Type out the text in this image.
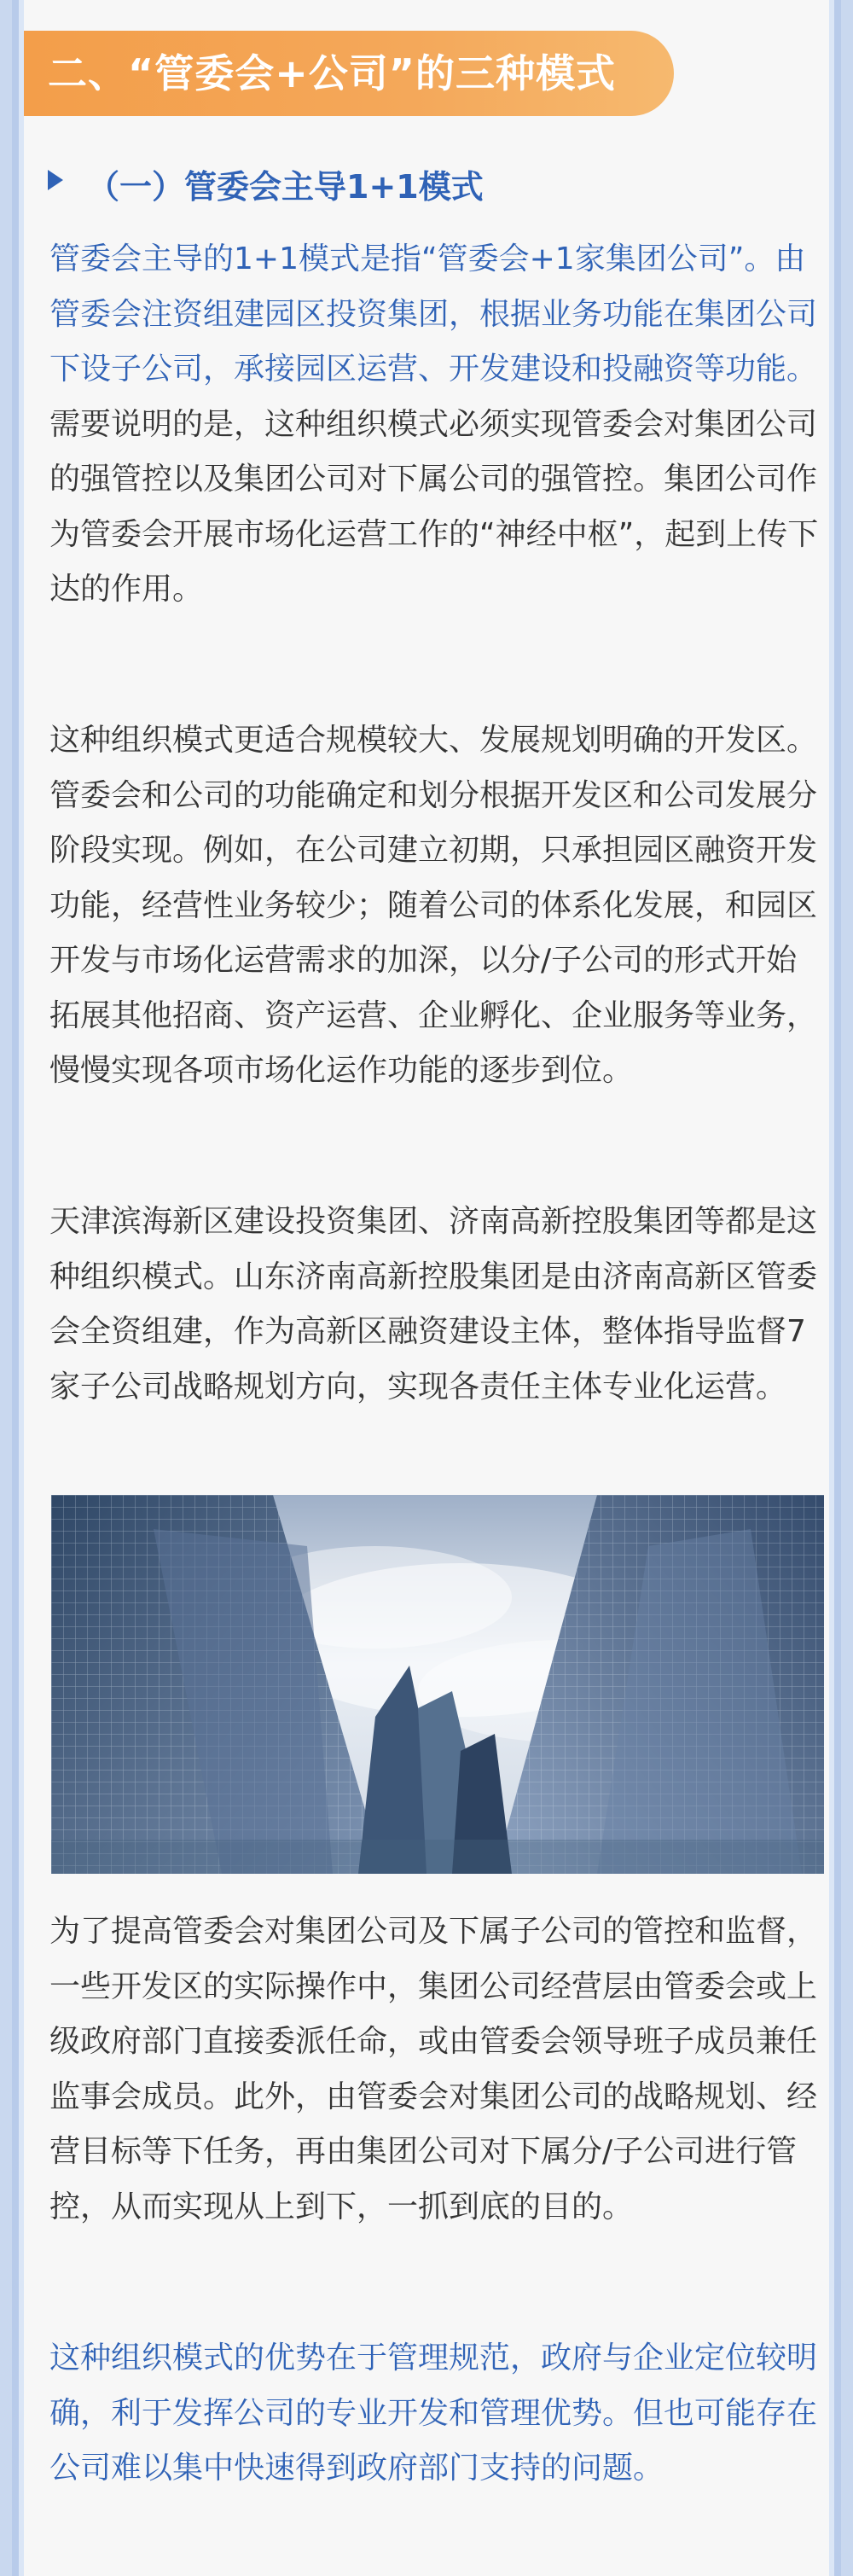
二、“管委会+公司”的三种模式
（一）管委会主导1+1模式

管委会主导的1+1模式是指“管委会+1家集团公司”。由管委会注资组建园区投资集团，根据业务功能在集团公司下设子公司，承接园区运营、开发建设和投融资等功能。需要说明的是，这种组织模式必须实现管委会对集团公司的强管控以及集团公司对下属公司的强管控。集团公司作为管委会开展市场化运营工作的“神经中枢”，起到上传下达的作用。

这种组织模式更适合规模较大、发展规划明确的开发区。管委会和公司的功能确定和划分根据开发区和公司发展分阶段实现。例如，在公司建立初期，只承担园区融资开发功能，经营性业务较少；随着公司的体系化发展，和园区开发与市场化运营需求的加深，以分/子公司的形式开始拓展其他招商、资产运营、企业孵化、企业服务等业务，慢慢实现各项市场化运作功能的逐步到位。

天津滨海新区建设投资集团、济南高新控股集团等都是这种组织模式。山东济南高新控股集团是由济南高新区管委会全资组建，作为高新区融资建设主体，整体指导监督7家子公司战略规划方向，实现各责任主体专业化运营。

为了提高管委会对集团公司及下属子公司的管控和监督，一些开发区的实际操作中，集团公司经营层由管委会或上级政府部门直接委派任命，或由管委会领导班子成员兼任监事会成员。此外，由管委会对集团公司的战略规划、经营目标等下任务，再由集团公司对下属分/子公司进行管控，从而实现从上到下，一抓到底的目的。

这种组织模式的优势在于管理规范，政府与企业定位较明确，利于发挥公司的专业开发和管理优势。但也可能存在公司难以集中快速得到政府部门支持的问题。
